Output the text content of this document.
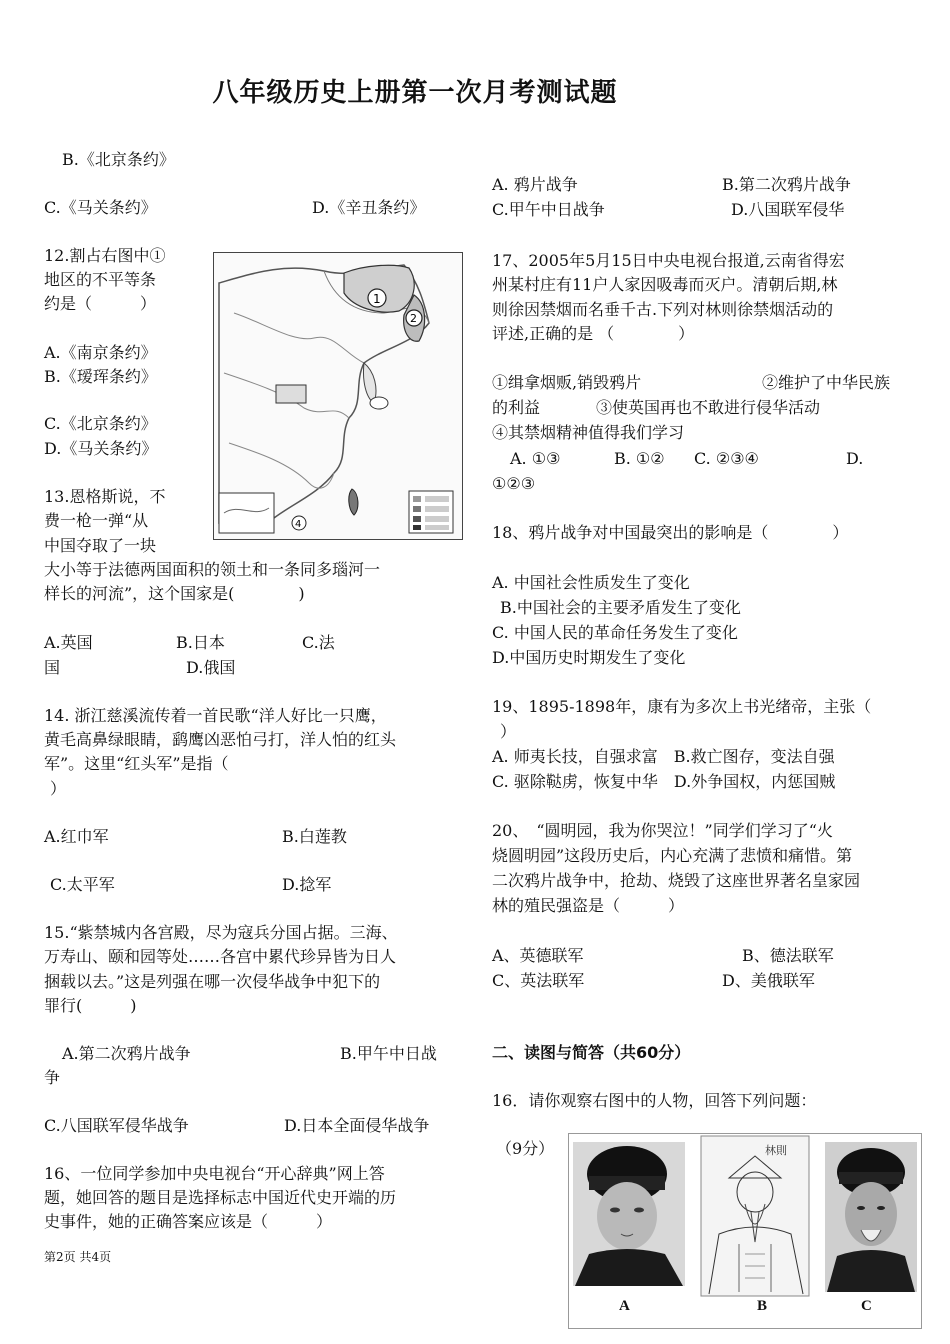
八年级历史上册第一次月考测试题
B.《北京条约》
C.《马关条约》	D.《辛丑条约》
12.割占右图中①
地区的不平等条
约是（　　　）
A.《南京条约》
B.《瑷珲条约》
C.《北京条约》
D.《马关条约》
1
2
4
13.恩格斯说，不
费一枪一弹“从
中国夺取了一块
大小等于法德两国面积的领土和一条同多瑙河一
样长的河流”，这个国家是(　　　　)
A.英国	B.日本	C.法
国	D.俄国
14. 浙江慈溪流传着一首民歌“洋人好比一只鹰，
黄毛高鼻绿眼睛，鹞鹰凶恶怕弓打，洋人怕的红头
军”。这里“红头军”是指（
）
A.红巾军	B.白莲教
C.太平军	D.捻军
15.“紫禁城内各宫殿，尽为寇兵分国占据。三海、
万寿山、颐和园等处……各宫中累代珍异皆为日人
捆载以去。”这是列强在哪一次侵华战争中犯下的
罪行(　　　)
A.第二次鸦片战争	B.甲午中日战
争
C.八国联军侵华战争	D.日本全面侵华战争
16、一位同学参加中央电视台“开心辞典”网上答
题，她回答的题目是选择标志中国近代史开端的历
史事件，她的正确答案应该是（　　　）
A. 鸦片战争	B.第二次鸦片战争
C.甲午中日战争	D.八国联军侵华
17、2005年5月15日中央电视台报道,云南省得宏
州某村庄有11户人家因吸毒而灭户。清朝后期,林
则徐因禁烟而名垂千古.下列对林则徐禁烟活动的
评述,正确的是 （　　　　）
①缉拿烟贩,销毁鸦片	②维护了中华民族
的利益	③使英国再也不敢进行侵华活动
④其禁烟精神值得我们学习
A. ①③	B. ①② C. ②③④	D.
①②③
18、鸦片战争对中国最突出的影响是（　　　　）
A. 中国社会性质发生了变化
B.中国社会的主要矛盾发生了变化
C. 中国人民的革命任务发生了变化
D.中国历史时期发生了变化
19、1895-1898年，康有为多次上书光绪帝，主张（
）
A. 师夷长技，自强求富　B.救亡图存，变法自强
C. 驱除鞑虏，恢复中华　D.外争国权，内惩国贼
20、　“圆明园，我为你哭泣！”同学们学习了“火
烧圆明园”这段历史后，内心充满了悲愤和痛惜。第
二次鸦片战争中，抢劫、烧毁了这座世界著名皇家园
林的殖民强盗是（　　　）
A、英德联军	B、德法联军
C、英法联军	D、美俄联军
二、读图与简答（共60分）
16．请你观察右图中的人物，回答下列问题：
（9分）	林則
A	B	C
第2页 共4页
